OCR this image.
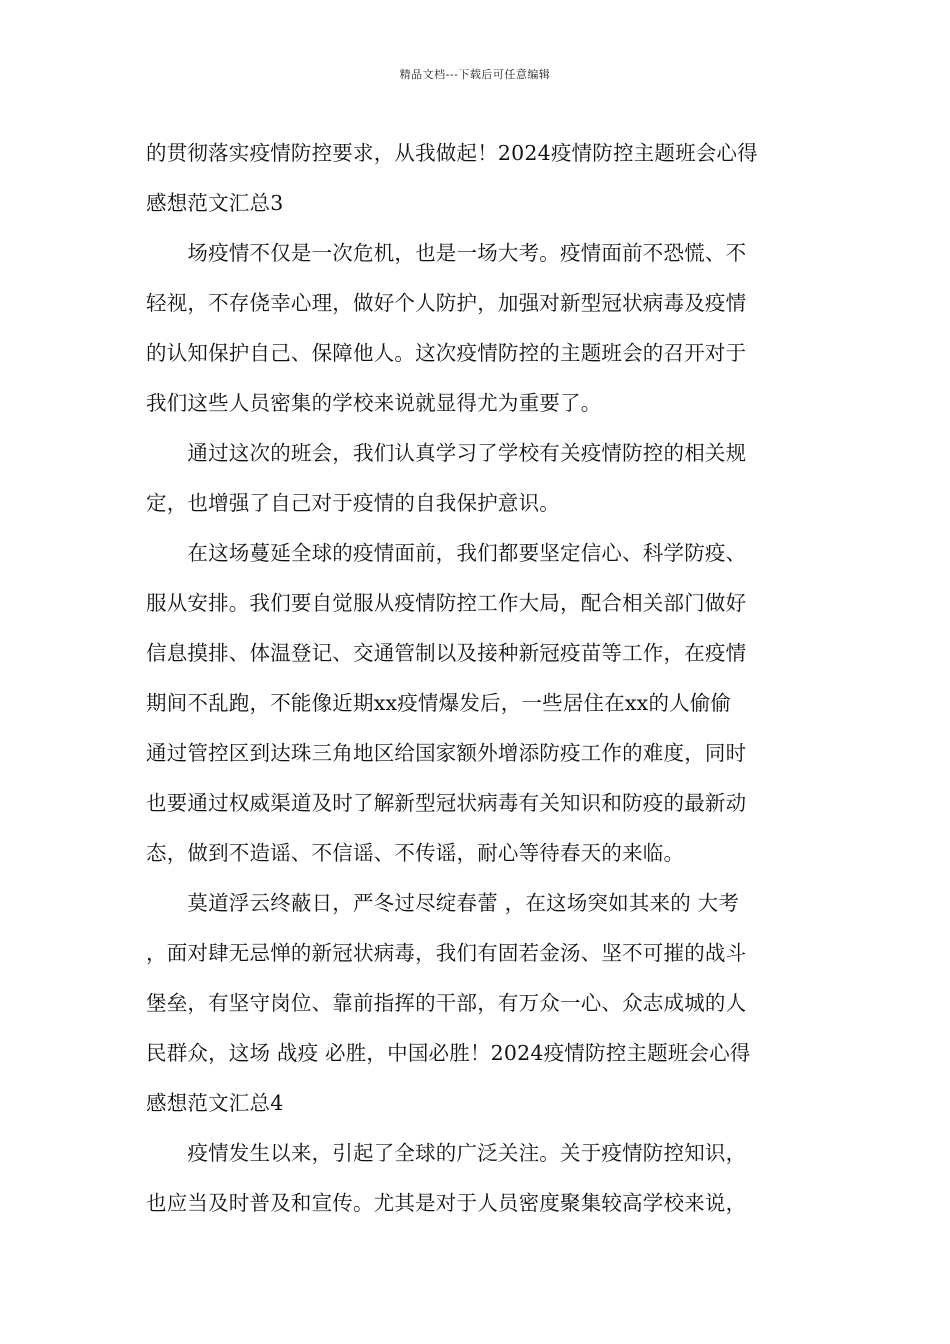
精品文档---下载后可任意编辑
的贯彻落实疫情防控要求，从我做起！2024疫情防控主题班会心得
感想范文汇总3
　　场疫情不仅是一次危机，也是一场大考。疫情面前不恐慌、不
轻视，不存侥幸心理，做好个人防护，加强对新型冠状病毒及疫情
的认知保护自己、保障他人。这次疫情防控的主题班会的召开对于
我们这些人员密集的学校来说就显得尤为重要了。
　　通过这次的班会，我们认真学习了学校有关疫情防控的相关规
定，也增强了自己对于疫情的自我保护意识。
　　在这场蔓延全球的疫情面前，我们都要坚定信心、科学防疫、
服从安排。我们要自觉服从疫情防控工作大局，配合相关部门做好
信息摸排、体温登记、交通管制以及接种新冠疫苗等工作，在疫情
期间不乱跑，不能像近期xx疫情爆发后，一些居住在xx的人偷偷
通过管控区到达珠三角地区给国家额外增添防疫工作的难度，同时
也要通过权威渠道及时了解新型冠状病毒有关知识和防疫的最新动
态，做到不造谣、不信谣、不传谣，耐心等待春天的来临。
　　莫道浮云终蔽日，严冬过尽绽春蕾 ，在这场突如其来的 大考
，面对肆无忌惮的新冠状病毒，我们有固若金汤、坚不可摧的战斗
堡垒，有坚守岗位、靠前指挥的干部，有万众一心、众志成城的人
民群众，这场 战疫 必胜，中国必胜！2024疫情防控主题班会心得
感想范文汇总4
　　疫情发生以来，引起了全球的广泛关注。关于疫情防控知识，
也应当及时普及和宣传。尤其是对于人员密度聚集较高学校来说，
